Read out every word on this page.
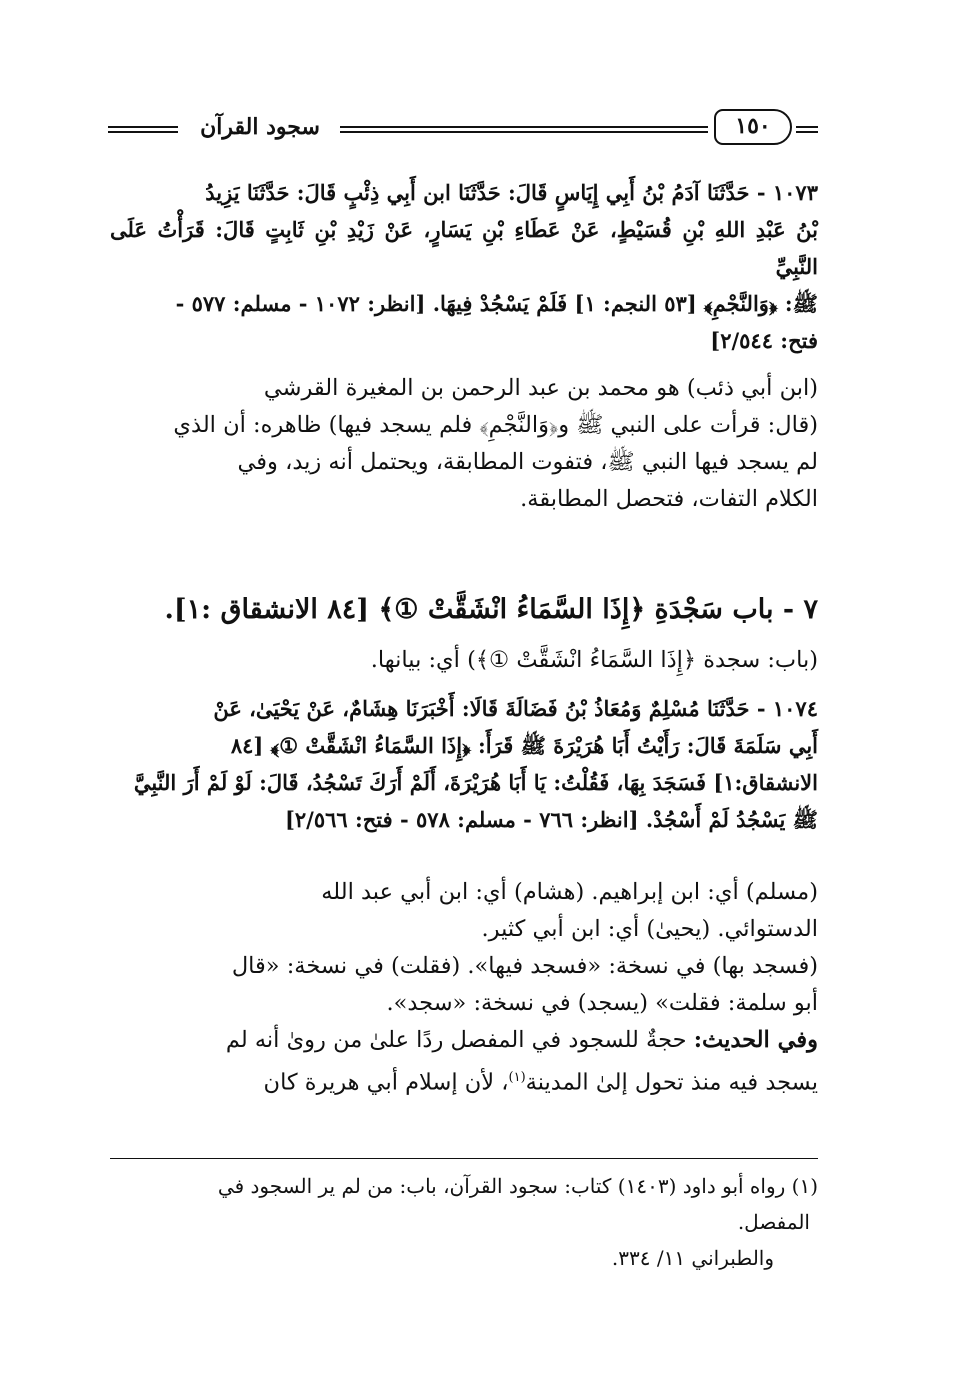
سجود القرآن	١٥٠
١٠٧٣ - حَدَّثَنَا آدَمُ بْنُ أَبِي إِيَاسٍ قَالَ: حَدَّثَنَا ابن أَبِي ذِئْبٍ قَالَ: حَدَّثَنَا يَزِيدُ
بْنُ عَبْدِ اللهِ بْنِ قُسَيْطٍ، عَنْ عَطَاءِ بْنِ يَسَارٍ، عَنْ زَيْدِ بْنِ ثَابِتٍ قَالَ: قَرَأْتُ عَلَى النَّبِيِّ
ﷺ: ﴿وَالنَّجْمِ﴾ [٥٣ النجم: ١] فَلَمْ يَسْجُدْ فِيهَا. [انظر: ١٠٧٢ - مسلم: ٥٧٧ -
فتح: ٢/٥٤٤]
(ابن أبي ذئب) هو محمد بن عبد الرحمن بن المغيرة القرشي
(قال: قرأت على النبي ﷺ و﴿وَالنَّجْمِ﴾ فلم يسجد فيها) ظاهره: أن الذي
لم يسجد فيها النبي ﷺ، فتفوت المطابقة، ويحتمل أنه زيد، وفي
الكلام التفات، فتحصل المطابقة.
٧ - باب سَجْدَةِ ﴿إِذَا السَّمَاءُ انْشَقَّتْ ①﴾ [٨٤ الانشقاق :١].
(باب: سجدة ﴿إِذَا السَّمَاءُ انْشَقَّتْ ①﴾) أي: بيانها.
١٠٧٤ - حَدَّثَنَا مُسْلِمٌ وَمُعَاذُ بْنُ فَضَالَةَ قَالَا: أَخْبَرَنَا هِشَامٌ، عَنْ يَحْيَىٰ، عَنْ
أَبِي سَلَمَةَ قَالَ: رَأَيْتُ أَبَا هُرَيْرَةَ ﷺ قَرَأَ: ﴿إِذَا السَّمَاءُ انْشَقَّتْ ①﴾ [٨٤
الانشقاق:١] فَسَجَدَ بِهَا، فَقُلْتُ: يَا أَبَا هُرَيْرَةَ، أَلَمْ أَرَكَ تَسْجُدُ، قَالَ: لَوْ لَمْ أَرَ النَّبِيَّ
ﷺ يَسْجُدُ لَمْ أَسْجُدْ. [انظر: ٧٦٦ - مسلم: ٥٧٨ - فتح: ٢/٥٦٦]
(مسلم) أي: ابن إبراهيم. (هشام) أي: ابن أبي عبد الله
الدستوائي. (يحيىٰ) أي: ابن أبي كثير.
(فسجد بها) في نسخة: «فسجد فيها». (فقلت) في نسخة: «قال
أبو سلمة: فقلت» (يسجد) في نسخة: «سجد».
وفي الحديث: حجةٌ للسجود في المفصل ردًا علىٰ من روىٰ أنه لم
يسجد فيه منذ تحول إلىٰ المدينة$^{(١)}$، لأن إسلام أبي هريرة كان
(١) رواه أبو داود (١٤٠٣) كتاب: سجود القرآن، باب: من لم ير السجود في
المفصل.
والطبراني ١١/ ٣٣٤.
